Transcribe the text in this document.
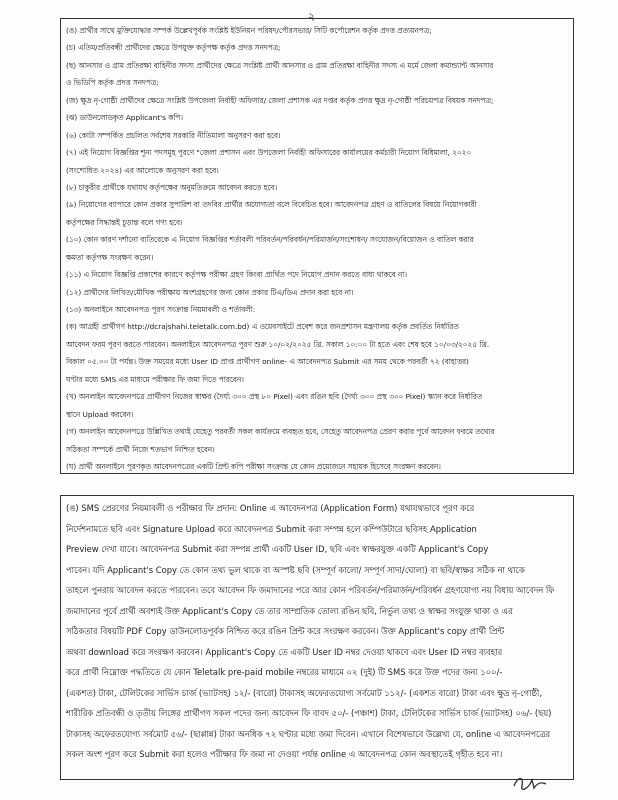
২
(ঙ) প্রার্থীর সাথে মুক্তিযোদ্ধার সম্পর্ক উল্লেখপূর্বক সংশ্লিষ্ট ইউনিয়ন পরিষদ/পৌরসভার/ সিটি কর্পোরেশন কর্তৃক প্রদত্ত প্রত্যয়নপত্র;
(চ) এতিম/প্রতিবন্ধী প্রার্থীদের ক্ষেত্রে উপযুক্ত কর্তৃপক্ষ কর্তৃক প্রদত্ত সনদপত্র;
(ছ) আনসার ও গ্রাম প্রতিরক্ষা বাহিনীর সদস্য প্রার্থীদের ক্ষেত্রে সংশ্লিষ্ট প্রার্থী আনসার ও গ্রাম প্রতিরক্ষা বাহিনীর সদস্য এ মর্মে জেলা কমান্ড্যান্ট আনসার
ও ভিডিপি কর্তৃক প্রদত্ত সনদপত্র;
(জ) ক্ষুদ্র নৃ-গোষ্ঠী প্রার্থীদের ক্ষেত্রে সংশ্লিষ্ট উপজেলা নির্বাহী অফিসার/ জেলা প্রশাসক এর দপ্তর কর্তৃক প্রদত্ত ক্ষুদ্র নৃ-গোষ্ঠী পরিচয়পত্র বিষয়ক সনদপত্র;
(ঝ) ডাউনলোডকৃত Applicant's কপি।
(৬) কোটা সম্পর্কিত প্রচলিত সর্বশেষ সরকারি নীতিমালা অনুসরণ করা হবে।
(৭) এই নিয়োগ বিজ্ঞপ্তির শূন্য পদসমূহ পূরণে "জেলা প্রশাসন এবং উপজেলা নির্বাহী অফিসারের কার্যালয়ের কর্মচারী নিয়োগ বিধিমালা, ২০২০
(সংশোধিত ২০২৪) এর আলোকে অনুসরণ করা হবে।
(৮) চাকুরীর প্রার্থীকে যথাযথ কর্তৃপক্ষের অনুমতিক্রমে আবেদন করতে হবে।
(৯) নিয়োগের ব্যাপারে কোন প্রকার সুপারিশ বা তদবির প্রার্থীর অযোগ্যতা বলে বিবেচিত হবে। আবেদনপত্র গ্রহণ ও বাতিলের বিষয়ে নিয়োগকারী
কর্তৃপক্ষের সিদ্ধান্তই চূড়ান্ত বলে গণ্য হবে।
(১০) কোন কারণ দর্শানো ব্যতিরেকে এ নিয়োগ বিজ্ঞপ্তির শর্তাবলী পরিবর্তন/পরিবর্ধন/পরিমার্জন/সংশোধন/ সংযোজন/বিয়োজন ও বাতিল করার
ক্ষমতা কর্তৃপক্ষ সংরক্ষণ করেন।
(১১) এ নিয়োগ বিজ্ঞপ্তি প্রকাশের কারণে কর্তৃপক্ষ পরীক্ষা গ্রহণ কিংবা প্রার্থিত পদে নিয়োগ প্রদান করতে বাধ্য থাকবে না।
(১২) প্রার্থীদের লিখিত/মৌখিক পরীক্ষায় অংশগ্রহণের জন্য কোন প্রকার টিএ/ডিএ প্রদান করা হবে না।
(১৩) অনলাইনে আবেদনপত্র পূরণ সংক্রান্ত নিয়মাবলী ও শর্তাবলী:
(ক) আগ্রহী প্রার্থীগণ http://dcrajshahi.teletalk.com.bd) এ ওয়েবসাইটে প্রবেশ করে জনপ্রশাসন মন্ত্রণালয় কর্তৃক প্রবর্তিত নির্ধারিত
আবেদন ফরম পূরণ করতে পারবেন। অনলাইনে আবেদনপত্র পূরণ শুরু ১০/০২/২০২৫ খ্রি. সকাল ১০:০০ টা হতে এবং শেষ হবে ১০/০৩/২০২৫ খ্রি.
বিকাল ০৫.০০ টা পর্যন্ত। উক্ত সময়ের মধ্যে User ID প্রাপ্ত প্রার্থীগণ online- এ আবেদনপত্র Submit এর সময় থেকে পরবর্তী ৭২ (বাহাত্তর)
ঘণ্টার মধ্যে SMS এর মাধ্যমে পরীক্ষার ফি জমা দিতে পারবেন।
(খ) অনলাইন আবেদনপত্রে প্রার্থীগণ নিজের স্বাক্ষর (দৈর্ঘ্য ৩০০ প্রস্থ ৮০ Pixel) এবং রঙিন ছবি (দৈর্ঘ্য ৩০০ প্রস্থ ৩০০ Pixel) স্ক্যান করে নির্ধারিত
স্থানে Upload করবেন।
(গ) অনলাইন আবেদনপত্রে উল্লিখিত তথ্যই যেহেতু পরবর্তী সকল কার্যক্রমে ব্যবহৃত হবে, সেহেতু আবেদনপত্র প্রেরণ করার পূর্বে আবেদন ফরমে তথ্যের
সঠিকতা সম্পর্কে প্রার্থী নিজে শতভাগ নিশ্চিত হবেন।
(ঘ) প্রার্থী অনলাইনে পূরণকৃত আবেদনপত্রের একটি প্রিন্ট কপি পরীক্ষা সংক্রান্ত যে কোন প্রয়োজনে সহায়ক হিসেবে সংরক্ষণ করবেন।
(ঙ) SMS প্রেরণের নিয়মাবলী ও পরীক্ষার ফি প্রদান: Online এ আবেদনপত্র (Application Form) যথাযথভাবে পূরণ করে
নির্দেশনামতে ছবি এবং Signature Upload করে আবেদনপত্র Submit করা সম্পন্ন হলে কম্পিউটারে ছবিসহ Application
Preview দেখা যাবে। আবেদনপত্র Submit করা সম্পন্ন প্রার্থী একটি User ID, ছবি এবং স্বাক্ষরযুক্ত একটি Applicant's Copy
পাবেন। যদি Applicant's Copy তে কোন তথ্য ভুল থাকে বা অস্পষ্ট ছবি (সম্পূর্ণ কালো/ সম্পূর্ণ সাদা/ঘোলা) বা ছবি/স্বাক্ষর সঠিক না থাকে
তাহলে পুনরায় আবেদন করতে পারবেন। তবে আবেদন ফি জমাদানের পরে আর কোন পরিবর্তন/পরিমার্জন/পরিবর্ধন গ্রহণযোগ্য নয় বিধায় আবেদন ফি
জমাদানের পূর্বে প্রার্থী অবশ্যই উক্ত Applicant's Copy তে তার সাম্প্রতিক তোলা রঙিন ছবি, নির্ভুল তথ্য ও স্বাক্ষর সংযুক্ত থাকা ও এর
সঠিকতার বিষয়টি PDF Copy ডাউনলোডপূর্বক নিশ্চিত করে রঙিন প্রিন্ট করে সংরক্ষণ করবেন। উক্ত Applicant's copy প্রার্থী প্রিন্ট
অথবা download করে সংরক্ষণ করবেন। Applicant's Copy তে একটি User ID নম্বর দেওয়া থাকবে এবং User ID নম্বর ব্যবহার
করে প্রার্থী নিম্নোক্ত পদ্ধতিতে যে কোন Teletalk pre-paid mobile নম্বরের মাধ্যমে ০২ (দুই) টি SMS করে উক্ত পদের জন্য ১০০/-
(একশত) টাকা, টেলিটকের সার্ভিস চার্জ (ভ্যাটসহ) ১২/- (বারো) টাকাসহ অফেরতযোগ্য সর্বমোট ১১২/- (একশত বারো) টাকা এবং ক্ষুদ্র নৃ-গোষ্ঠী,
শারীরিক প্রতিবন্ধী ও তৃতীয় লিঙ্গের প্রার্থীগণ সকল পদের জন্য আবেদন ফি বাবদ ৫০/- (পঞ্চাশ) টাকা, টেলিটকের সার্ভিস চার্জ (ভ্যাটসহ) ০৬/- (ছয়)
টাকাসহ অফেরতযোগ্য সর্বমোট ৫৬/- (ছাপ্পান্ন) টাকা অনধিক ৭২ ঘণ্টার মধ্যে জমা দিবেন। এখানে বিশেষভাবে উল্লেখ্য যে, online এ আবেদনপত্রের
সকল অংশ পূরণ করে Submit করা হলেও পরীক্ষার ফি জমা না দেওয়া পর্যন্ত online এ আবেদনপত্র কোন অবস্থাতেই গৃহীত হবে না।
